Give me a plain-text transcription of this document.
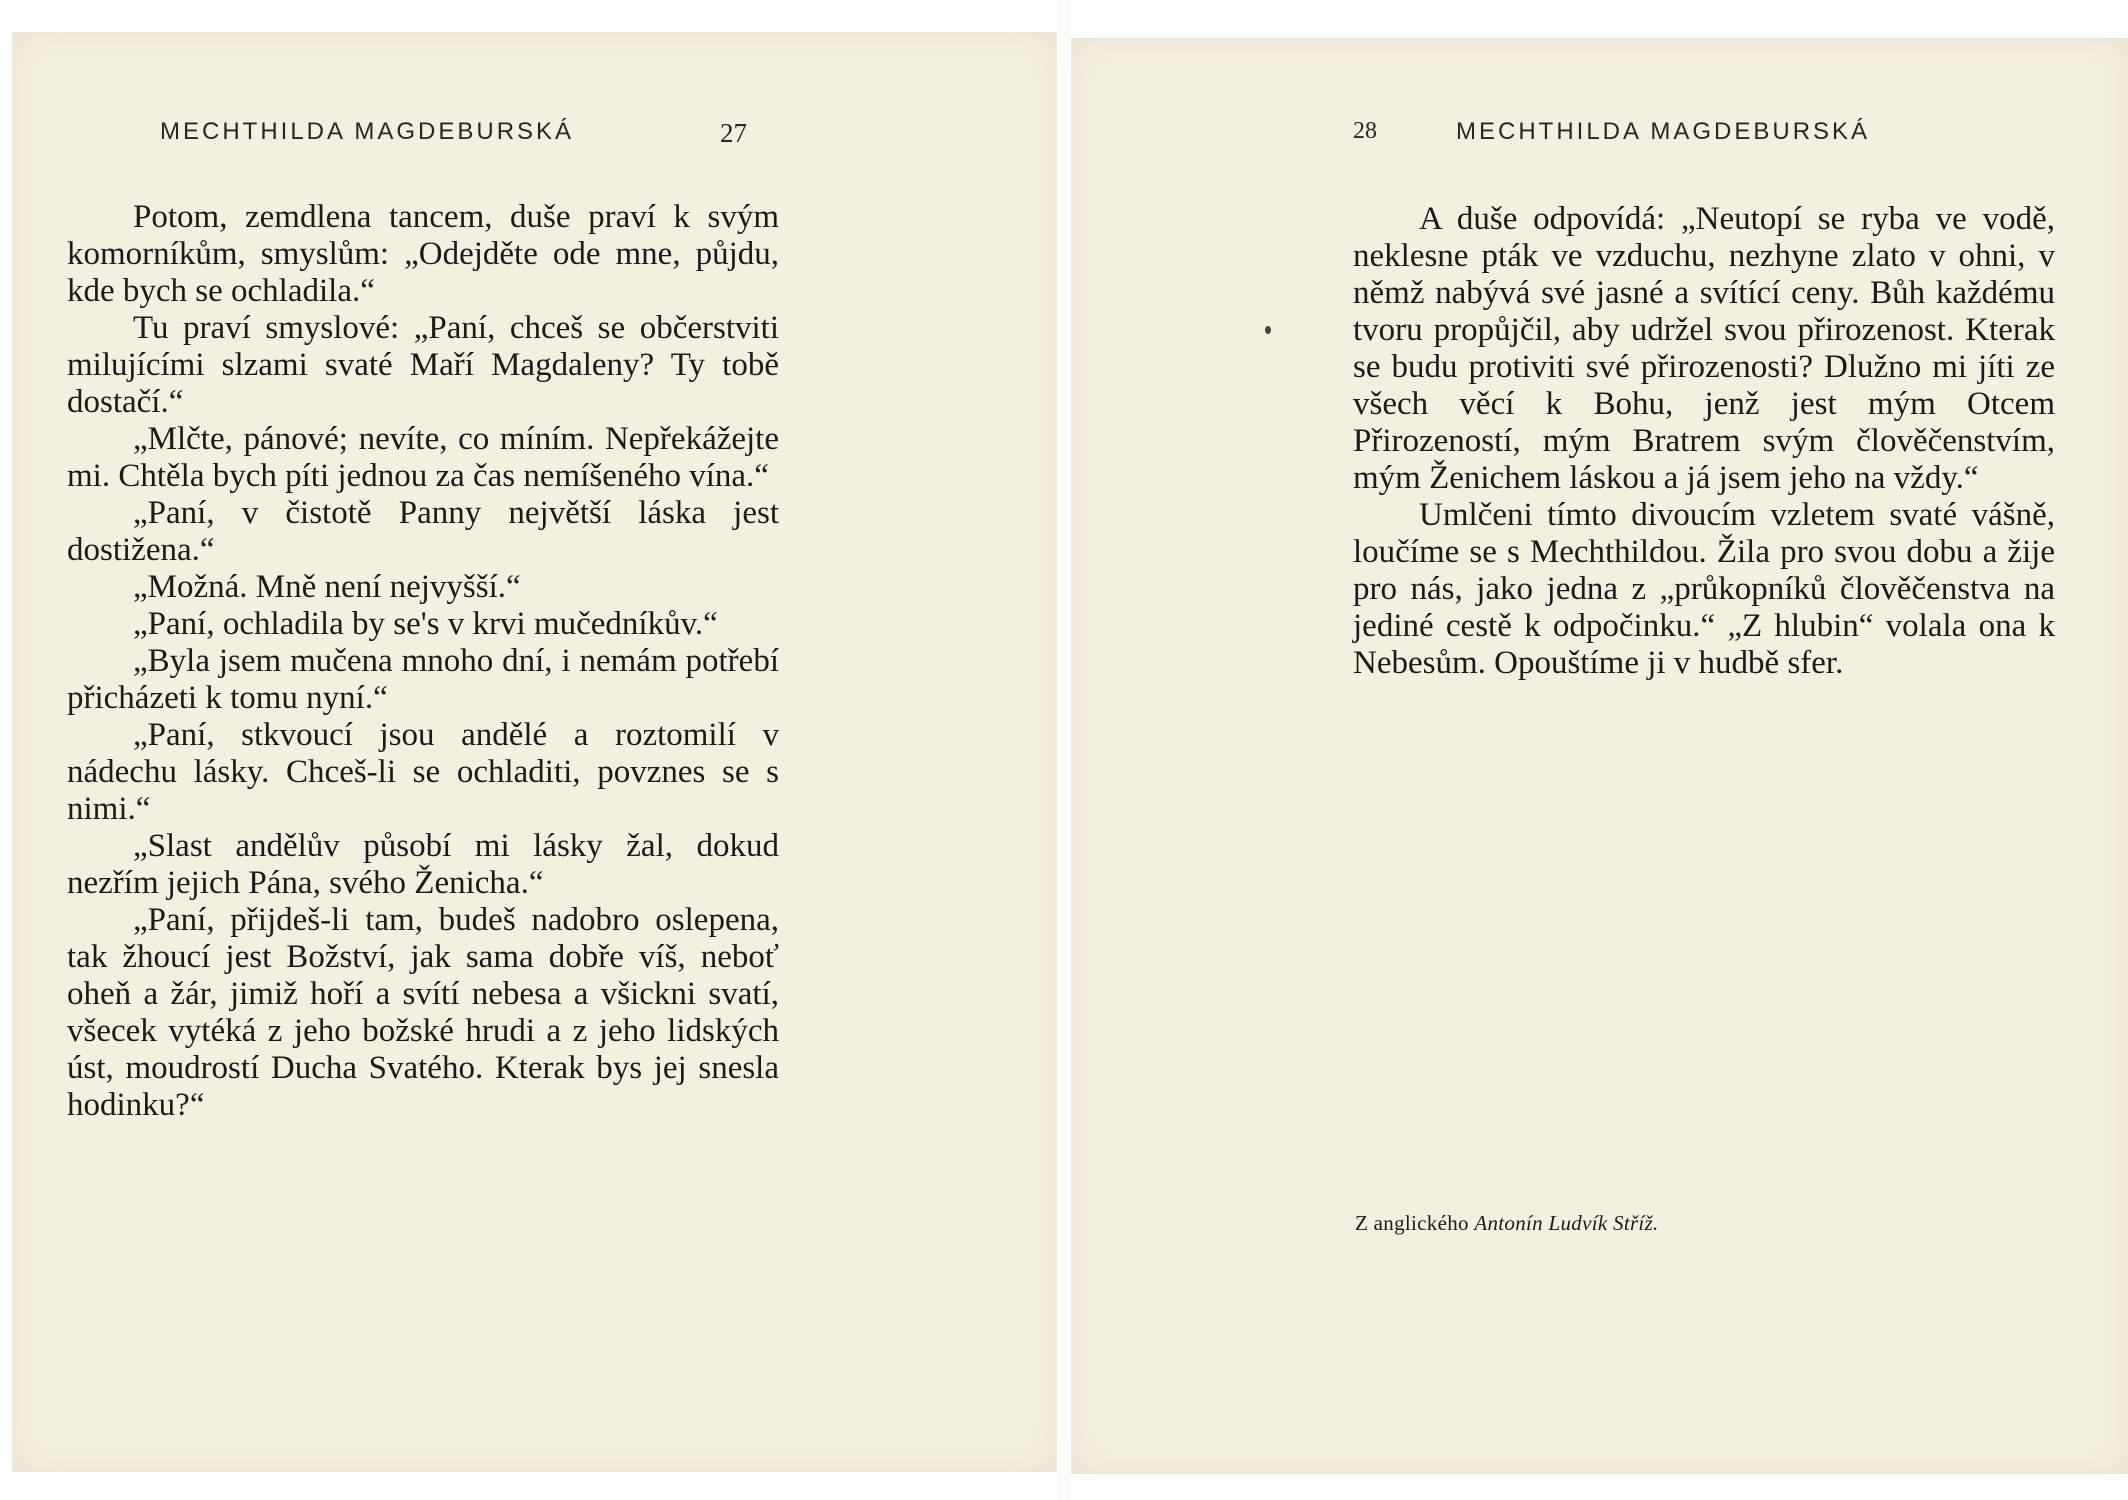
MECHTHILDA MAGDEBURSKÁ	27

Potom, zemdlena tancem, duše praví k svým komorníkům, smyslům: „Odejděte ode mne, půjdu, kde bych se ochladila.“

Tu praví smyslové: „Paní, chceš se občerstviti milujícími slzami svaté Maří Magdaleny? Ty tobě dostačí.“

„Mlčte, pánové; nevíte, co míním. Nepřekážejte mi. Chtěla bych píti jednou za čas nemíšeného vína.“

„Paní, v čistotě Panny největší láska jest dostižena.“

„Možná. Mně není nejvyšší.“

„Paní, ochladila by se's v krvi mučedníkův.“

„Byla jsem mučena mnoho dní, i nemám potřebí přicházeti k tomu nyní.“

„Paní, stkvoucí jsou andělé a roztomilí v nádechu lásky. Chceš-li se ochladiti, povznes se s nimi.“

„Slast andělův působí mi lásky žal, dokud nezřím jejich Pána, svého Ženicha.“

„Paní, přijdeš-li tam, budeš nadobro oslepena, tak žhoucí jest Božství, jak sama dobře víš, neboť oheň a žár, jimiž hoří a svítí nebesa a všickni svatí, všecek vytéká z jeho božské hrudi a z jeho lidských úst, moudrostí Ducha Svatého. Kterak bys jej snesla hodinku?“

28	MECHTHILDA MAGDEBURSKÁ

A duše odpovídá: „Neutopí se ryba ve vodě, neklesne pták ve vzduchu, nezhyne zlato v ohni, v němž nabývá své jasné a svítící ceny. Bůh každému tvoru propůjčil, aby udržel svou přirozenost. Kterak se budu protiviti své přirozenosti? Dlužno mi jíti ze všech věcí k Bohu, jenž jest mým Otcem Přirozeností, mým Bratrem svým člověčenstvím, mým Ženichem láskou a já jsem jeho na vždy.“

Umlčeni tímto divoucím vzletem svaté vášně, loučíme se s Mechthildou. Žila pro svou dobu a žije pro nás, jako jedna z „průkopníků člověčenstva na jediné cestě k odpočinku.“ „Z hlubin“ volala ona k Nebesům. Opouštíme ji v hudbě sfer.

Z anglického Antonín Ludvík Stříž.
